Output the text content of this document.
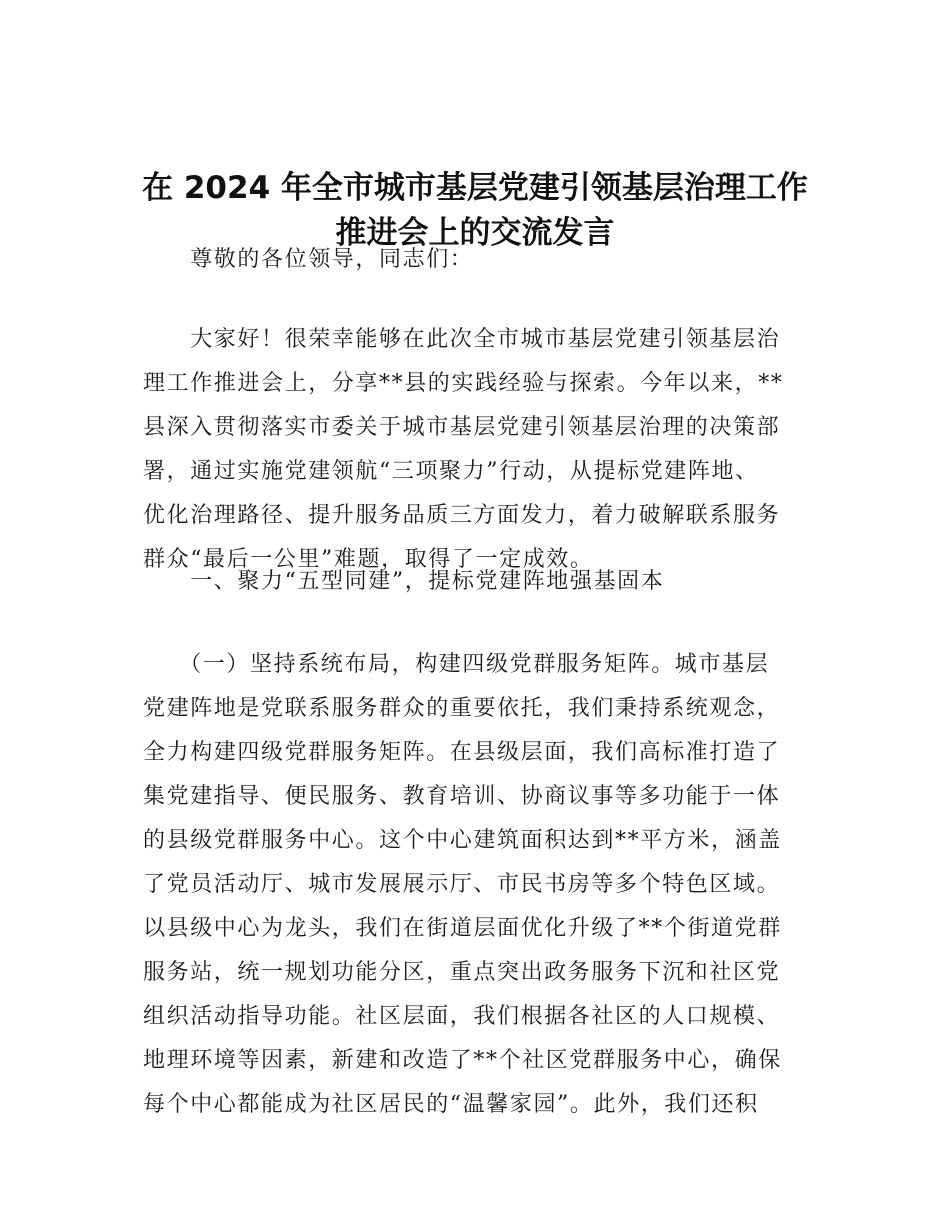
在 2024 年全市城市基层党建引领基层治理工作
推进会上的交流发言

　　尊敬的各位领导，同志们：

　　大家好！很荣幸能够在此次全市城市基层党建引领基层治
理工作推进会上，分享**县的实践经验与探索。今年以来，**
县深入贯彻落实市委关于城市基层党建引领基层治理的决策部
署，通过实施党建领航“三项聚力”行动，从提标党建阵地、
优化治理路径、提升服务品质三方面发力，着力破解联系服务
群众“最后一公里”难题，取得了一定成效。

　　一、聚力“五型同建”，提标党建阵地强基固本

　　（一）坚持系统布局，构建四级党群服务矩阵。城市基层
党建阵地是党联系服务群众的重要依托，我们秉持系统观念，
全力构建四级党群服务矩阵。在县级层面，我们高标准打造了
集党建指导、便民服务、教育培训、协商议事等多功能于一体
的县级党群服务中心。这个中心建筑面积达到**平方米，涵盖
了党员活动厅、城市发展展示厅、市民书房等多个特色区域。
以县级中心为龙头，我们在街道层面优化升级了**个街道党群
服务站，统一规划功能分区，重点突出政务服务下沉和社区党
组织活动指导功能。社区层面，我们根据各社区的人口规模、
地理环境等因素，新建和改造了**个社区党群服务中心，确保
每个中心都能成为社区居民的“温馨家园”。此外，我们还积
